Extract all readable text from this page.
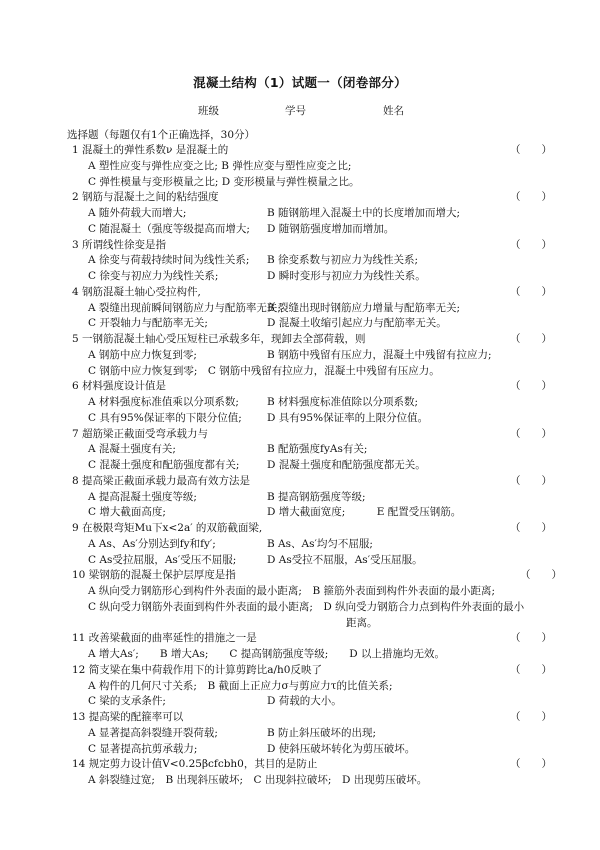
混凝土结构（1）试题一（闭卷部分）
班级	学号	姓名
选择题（每题仅有1个正确选择，30分）
1 混凝土的弹性系数ν 是混凝土的	（　　）
A 塑性应变与弹性应变之比; B 弹性应变与塑性应变之比;
C 弹性模量与变形模量之比; D 变形模量与弹性模量之比。
2 钢筋与混凝土之间的粘结强度	（　　）
A 随外荷载大而增大;	B 随钢筋埋入混凝土中的长度增加而增大;
C 随混凝土（强度等级提高而增大; D 随钢筋强度增加而增加。
3 所谓线性徐变是指	（　　）
A 徐变与荷载持续时间为线性关系; B 徐变系数与初应力为线性关系;
C 徐变与初应力为线性关系;	D 瞬时变形与初应力为线性关系。
4 钢筋混凝土轴心受拉构件,	（　　）
A 裂缝出现前瞬间钢筋应力与配筋率无关;
B 裂缝出现时钢筋应力增量与配筋率无关;
C 开裂轴力与配筋率无关;	D 混凝土收缩引起应力与配筋率无关。
5 一钢筋混凝土轴心受压短柱已承载多年，现卸去全部荷载，则	（　　）
A 钢筋中应力恢复到零;	B 钢筋中残留有压应力，混凝土中残留有拉应力;
C 钢筋中应力恢复到零;　C 钢筋中残留有拉应力，混凝土中残留有压应力。
6 材料强度设计值是	（　　）
A 材料强度标准值乘以分项系数;	B 材料强度标准值除以分项系数;
C 具有95%保证率的下限分位值; D 具有95%保证率的上限分位值。
7 超筋梁正截面受弯承载力与	（　　）
A 混凝土强度有关;	B 配筋强度fyAs有关;
C 混凝土强度和配筋强度都有关;	D 混凝土强度和配筋强度都无关。
8 提高梁正截面承载力最高有效方法是	（　　）
A 提高混凝土强度等级;	B 提高钢筋强度等级;
C 增大截面高度;	D 增大截面宽度;　　　E 配置受压钢筋。
9 在极限弯矩Mu下x<2a′ 的双筋截面梁,	（　　）
A As、As′分别达到fy和fy′;	B As、As′均匀不屈服;
C As受拉屈服，As′受压不屈服;	D As受拉不屈服，As′受压屈服。
10 梁钢筋的混凝土保护层厚度是指	（　　）
A 纵向受力钢筋形心到构件外表面的最小距离;　B 箍筋外表面到构件外表面的最小距离;
C 纵向受力钢筋外表面到构件外表面的最小距离;　D 纵向受力钢筋合力点到构件外表面的最小
距离。
11 改善梁截面的曲率延性的措施之一是	（　　）
A 增大As′;　　B 增大As;　　C 提高钢筋强度等级;　　D 以上措施均无效。
12 简支梁在集中荷载作用下的计算剪跨比a/h0反映了	（　　）
A 构件的几何尺寸关系;　B 截面上正应力σ与剪应力τ的比值关系;
C 梁的支承条件;	D 荷载的大小。
13 提高梁的配箍率可以	（　　）
A 显著提高斜裂缝开裂荷载;	B 防止斜压破坏的出现;
C 显著提高抗剪承载力;	D 使斜压破坏转化为剪压破坏。
14 规定剪力设计值V<0.25βcfcbh0，其目的是防止	（　　）
A 斜裂缝过宽;　B 出现斜压破坏;　C 出现斜拉破坏;　D 出现剪压破坏。
